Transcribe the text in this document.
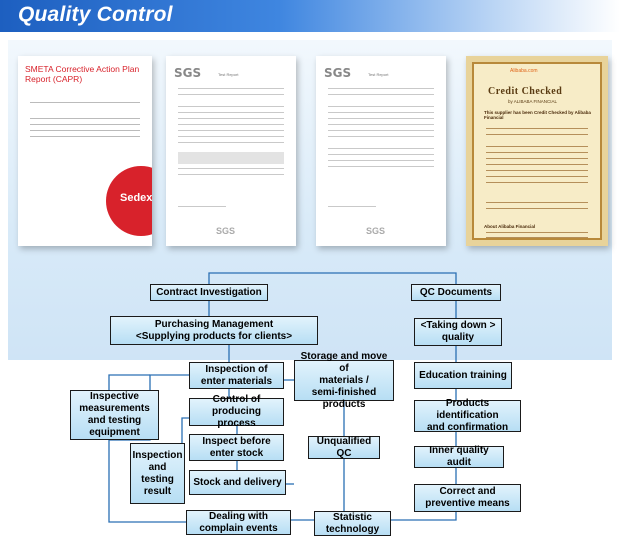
Quality Control
SMETA Corrective Action Plan Report (CAPR)
Sedex
SGS	Test Report
SGS
SGS	Test Report
SGS
Alibaba.com
Credit Checked
by ALIBABA FINANCIAL
This supplier has been Credit Checked by Alibaba Financial
About Alibaba Financial
Contract Investigation	QC Documents
Purchasing Management
<Supplying products for clients>
Inspection of
enter materials
Storage and move of
materials /
semi-finished products
Inspective
measurements
and testing
equipment
Control of
producing process
Inspect before
enter stock
Unqualified QC
Inspection
and
testing
result
Stock and delivery
Dealing with
complain events
Statistic
technology
<Taking down >
quality
Education training
Products identification
and confirmation
Inner quality audit
Correct and
preventive means
